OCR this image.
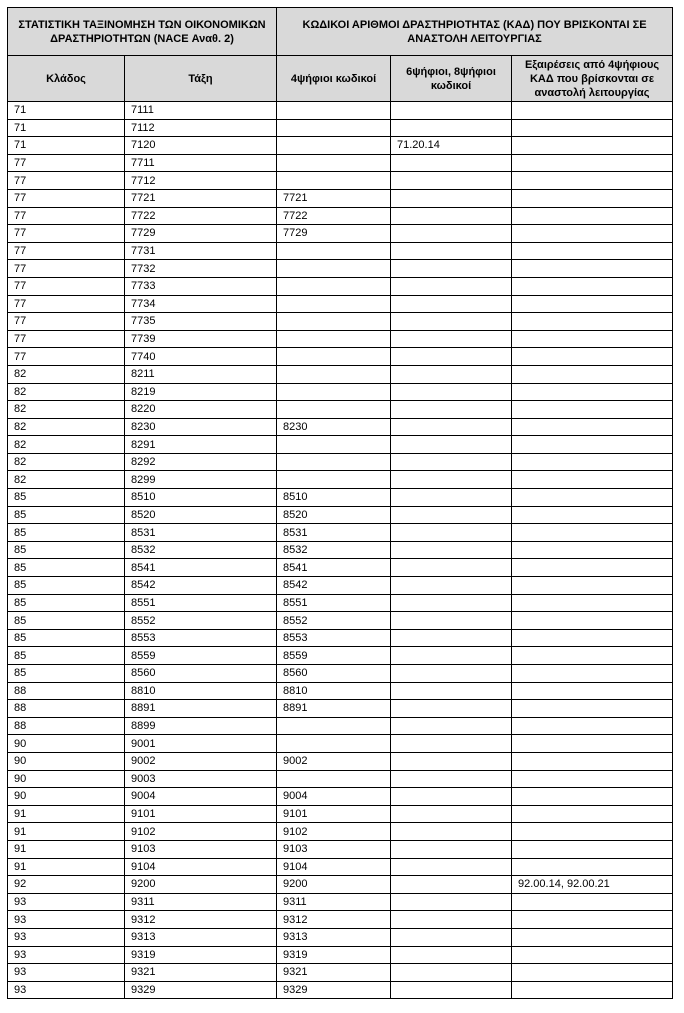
ΣΤΑΤΙΣΤΙΚΗ ΤΑΞΙΝΟΜΗΣΗ ΤΩΝ ΟΙΚΟΝΟΜΙΚΩΝ ΔΡΑΣΤΗΡΙΟΤΗΤΩΝ (NACE Αναθ. 2)		ΚΩΔΙΚΟΙ ΑΡΙΘΜΟΙ ΔΡΑΣΤΗΡΙΟΤΗΤΑΣ (ΚΑΔ) ΠΟΥ ΒΡΙΣΚΟΝΤΑΙ ΣΕ ΑΝΑΣΤΟΛΗ ΛΕΙΤΟΥΡΓΙΑΣ		
Κλάδος	Τάξη	4ψήφιοι κωδικοί	6ψήφιοι, 8ψήφιοι κωδικοί	Εξαιρέσεις από 4ψήφιους ΚΑΔ που βρίσκονται σε αναστολή λειτουργίας
71	7111			
71	7112			
71	7120		71.20.14	
77	7711			
77	7712			
77	7721	7721		
77	7722	7722		
77	7729	7729		
77	7731			
77	7732			
77	7733			
77	7734			
77	7735			
77	7739			
77	7740			
82	8211			
82	8219			
82	8220			
82	8230	8230		
82	8291			
82	8292			
82	8299			
85	8510	8510		
85	8520	8520		
85	8531	8531		
85	8532	8532		
85	8541	8541		
85	8542	8542		
85	8551	8551		
85	8552	8552		
85	8553	8553		
85	8559	8559		
85	8560	8560		
88	8810	8810		
88	8891	8891		
88	8899			
90	9001			
90	9002	9002		
90	9003			
90	9004	9004		
91	9101	9101		
91	9102	9102		
91	9103	9103		
91	9104	9104		
92	9200	9200		92.00.14, 92.00.21
93	9311	9311		
93	9312	9312		
93	9313	9313		
93	9319	9319		
93	9321	9321		
93	9329	9329		
